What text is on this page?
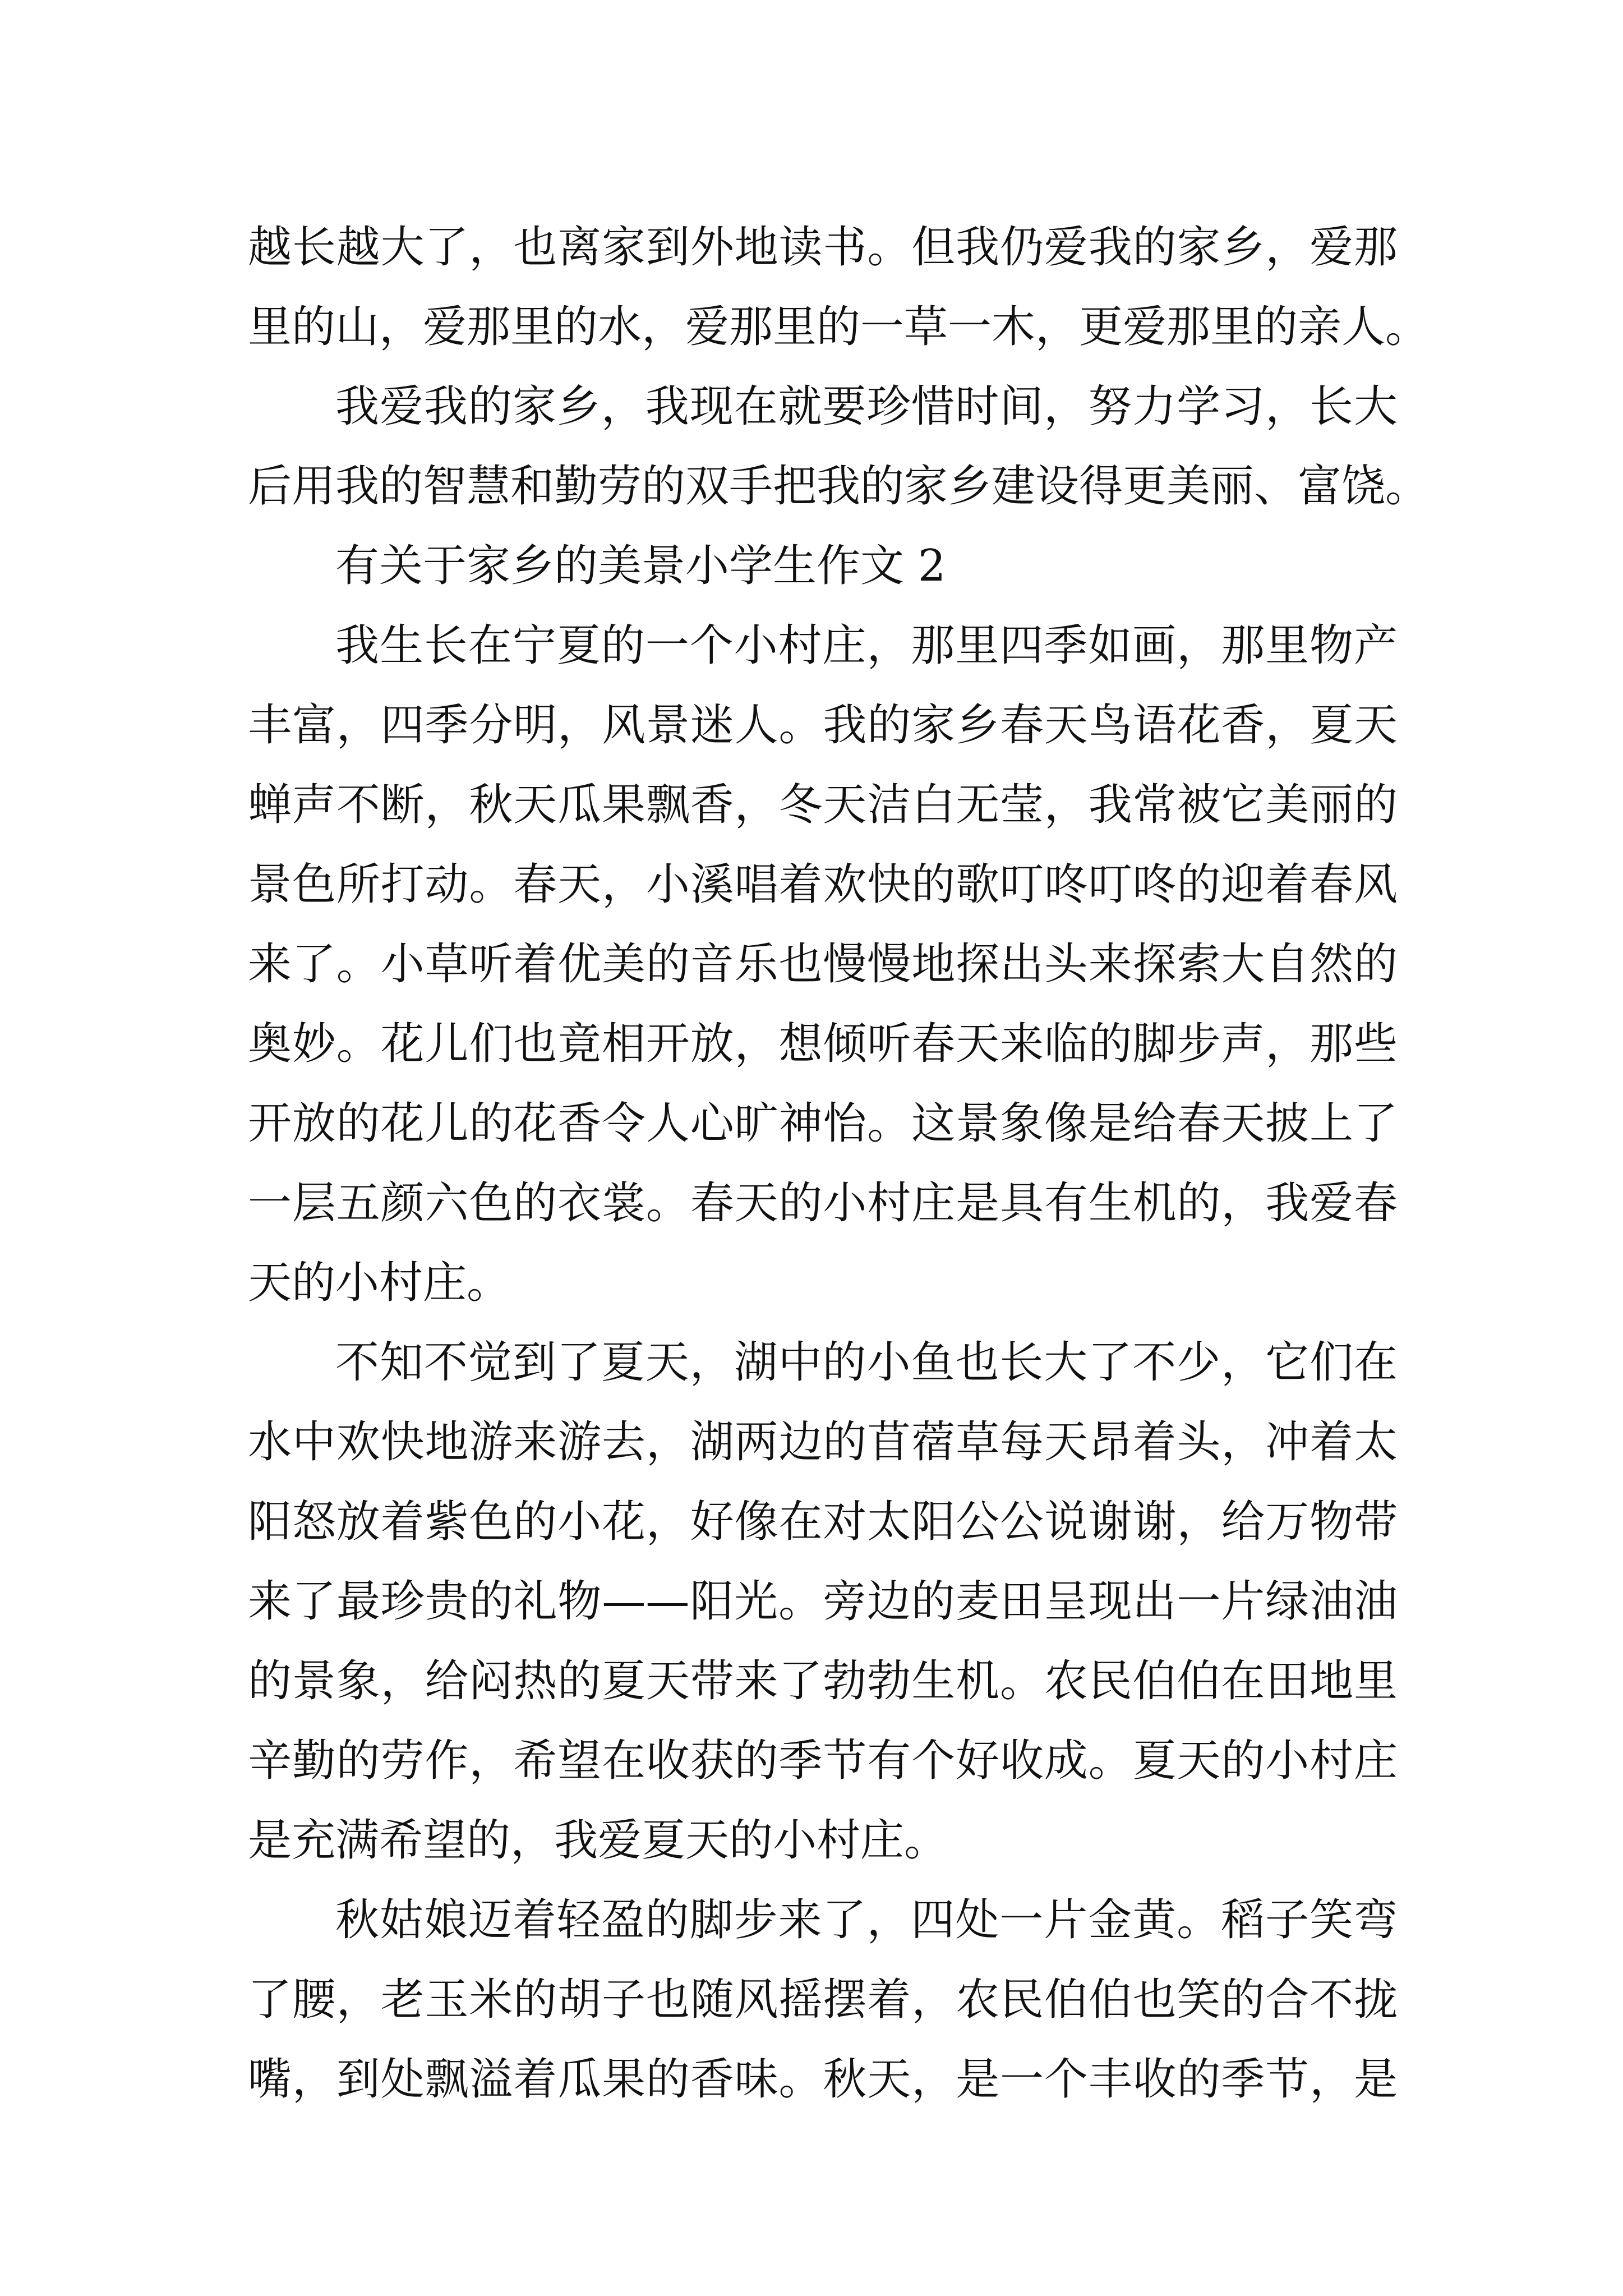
越长越大了，也离家到外地读书。但我仍爱我的家乡，爱那
里的山，爱那里的水，爱那里的一草一木，更爱那里的亲人。
我爱我的家乡，我现在就要珍惜时间，努力学习，长大
后用我的智慧和勤劳的双手把我的家乡建设得更美丽、富饶。
有关于家乡的美景小学生作文 2
我生长在宁夏的一个小村庄，那里四季如画，那里物产
丰富，四季分明，风景迷人。我的家乡春天鸟语花香，夏天
蝉声不断，秋天瓜果飘香，冬天洁白无莹，我常被它美丽的
景色所打动。春天，小溪唱着欢快的歌叮咚叮咚的迎着春风
来了。小草听着优美的音乐也慢慢地探出头来探索大自然的
奥妙。花儿们也竟相开放，想倾听春天来临的脚步声，那些
开放的花儿的花香令人心旷神怡。这景象像是给春天披上了
一层五颜六色的衣裳。春天的小村庄是具有生机的，我爱春
天的小村庄。
不知不觉到了夏天，湖中的小鱼也长大了不少，它们在
水中欢快地游来游去，湖两边的苜蓿草每天昂着头，冲着太
阳怒放着紫色的小花，好像在对太阳公公说谢谢，给万物带
来了最珍贵的礼物——阳光。旁边的麦田呈现出一片绿油油
的景象，给闷热的夏天带来了勃勃生机。农民伯伯在田地里
辛勤的劳作，希望在收获的季节有个好收成。夏天的小村庄
是充满希望的，我爱夏天的小村庄。
秋姑娘迈着轻盈的脚步来了，四处一片金黄。稻子笑弯
了腰，老玉米的胡子也随风摇摆着，农民伯伯也笑的合不拢
嘴，到处飘溢着瓜果的香味。秋天，是一个丰收的季节，是
